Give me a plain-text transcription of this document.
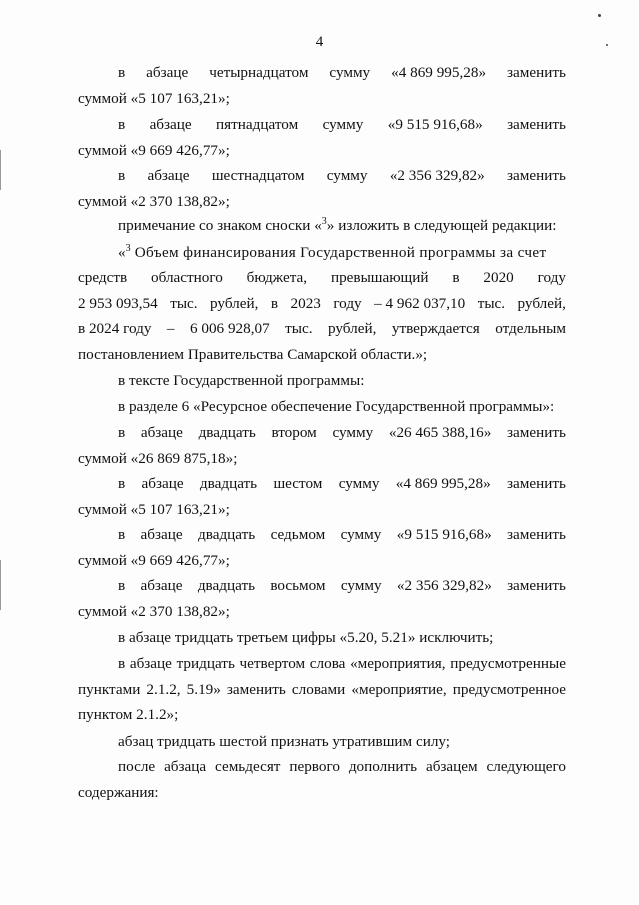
4
в абзаце четырнадцатом сумму «4 869 995,28» заменить
суммой «5 107 163,21»;
в абзаце пятнадцатом сумму «9 515 916,68» заменить
суммой «9 669 426,77»;
в абзаце шестнадцатом сумму «2 356 329,82» заменить
суммой «2 370 138,82»;
примечание со знаком сноски «$^3$» изложить в следующей редакции:
«$^3$ Объем финансирования Государственной программы за счет
средств областного бюджета, превышающий в 2020 году
2 953 093,54 тыс. рублей, в 2023 году – 4 962 037,10 тыс. рублей,
в 2024 году – 6 006 928,07 тыс. рублей, утверждается отдельным
постановлением Правительства Самарской области.»;
в тексте Государственной программы:
в разделе 6 «Ресурсное обеспечение Государственной программы»:
в абзаце двадцать втором сумму «26 465 388,16» заменить
суммой «26 869 875,18»;
в абзаце двадцать шестом сумму «4 869 995,28» заменить
суммой «5 107 163,21»;
в абзаце двадцать седьмом сумму «9 515 916,68» заменить
суммой «9 669 426,77»;
в абзаце двадцать восьмом сумму «2 356 329,82» заменить
суммой «2 370 138,82»;
в абзаце тридцать третьем цифры «5.20, 5.21» исключить;
в абзаце тридцать четвертом слова «мероприятия, предусмотренные
пунктами 2.1.2, 5.19» заменить словами «мероприятие, предусмотренное
пунктом 2.1.2»;
абзац тридцать шестой признать утратившим силу;
после абзаца семьдесят первого дополнить абзацем следующего
содержания:
